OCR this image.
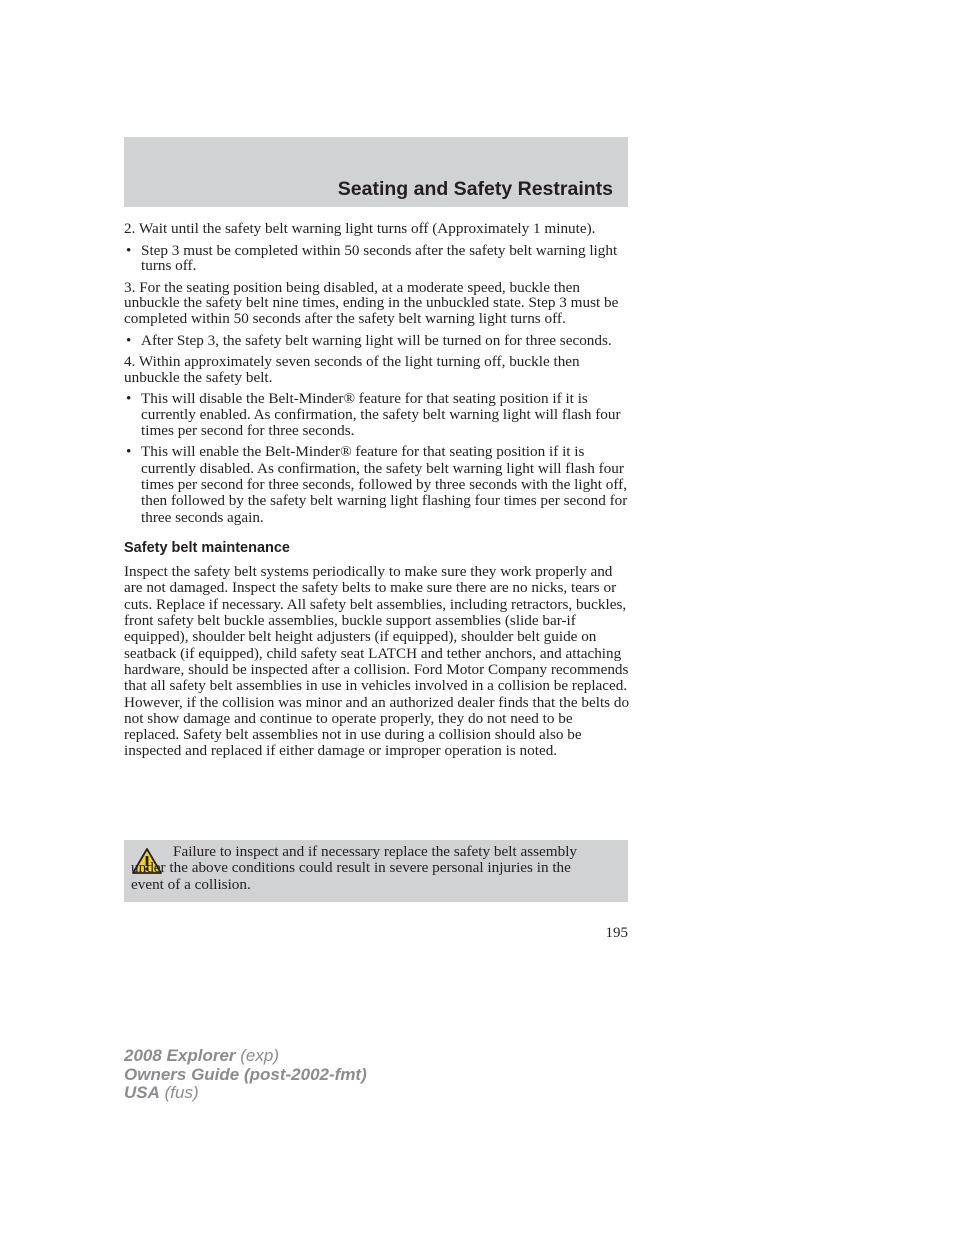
Seating and Safety Restraints

2. Wait until the safety belt warning light turns off (Approximately 1 minute).

• Step 3 must be completed within 50 seconds after the safety belt warning light turns off.

3. For the seating position being disabled, at a moderate speed, buckle then unbuckle the safety belt nine times, ending in the unbuckled state. Step 3 must be completed within 50 seconds after the safety belt warning light turns off.

• After Step 3, the safety belt warning light will be turned on for three seconds.

4. Within approximately seven seconds of the light turning off, buckle then unbuckle the safety belt.

• This will disable the Belt-Minder® feature for that seating position if it is currently enabled. As confirmation, the safety belt warning light will flash four times per second for three seconds.
• This will enable the Belt-Minder® feature for that seating position if it is currently disabled. As confirmation, the safety belt warning light will flash four times per second for three seconds, followed by three seconds with the light off, then followed by the safety belt warning light flashing four times per second for three seconds again.
Safety belt maintenance

Inspect the safety belt systems periodically to make sure they work properly and are not damaged. Inspect the safety belts to make sure there are no nicks, tears or cuts. Replace if necessary. All safety belt assemblies, including retractors, buckles, front safety belt buckle assemblies, buckle support assemblies (slide bar-if equipped), shoulder belt height adjusters (if equipped), shoulder belt guide on seatback (if equipped), child safety seat LATCH and tether anchors, and attaching hardware, should be inspected after a collision. Ford Motor Company recommends that all safety belt assemblies in use in vehicles involved in a collision be replaced. However, if the collision was minor and an authorized dealer finds that the belts do not show damage and continue to operate properly, they do not need to be replaced. Safety belt assemblies not in use during a collision should also be inspected and replaced if either damage or improper operation is noted.

Failure to inspect and if necessary replace the safety belt assembly under the above conditions could result in severe personal injuries in the event of a collision.
195
2008 Explorer (exp)
Owners Guide (post-2002-fmt)
USA (fus)
